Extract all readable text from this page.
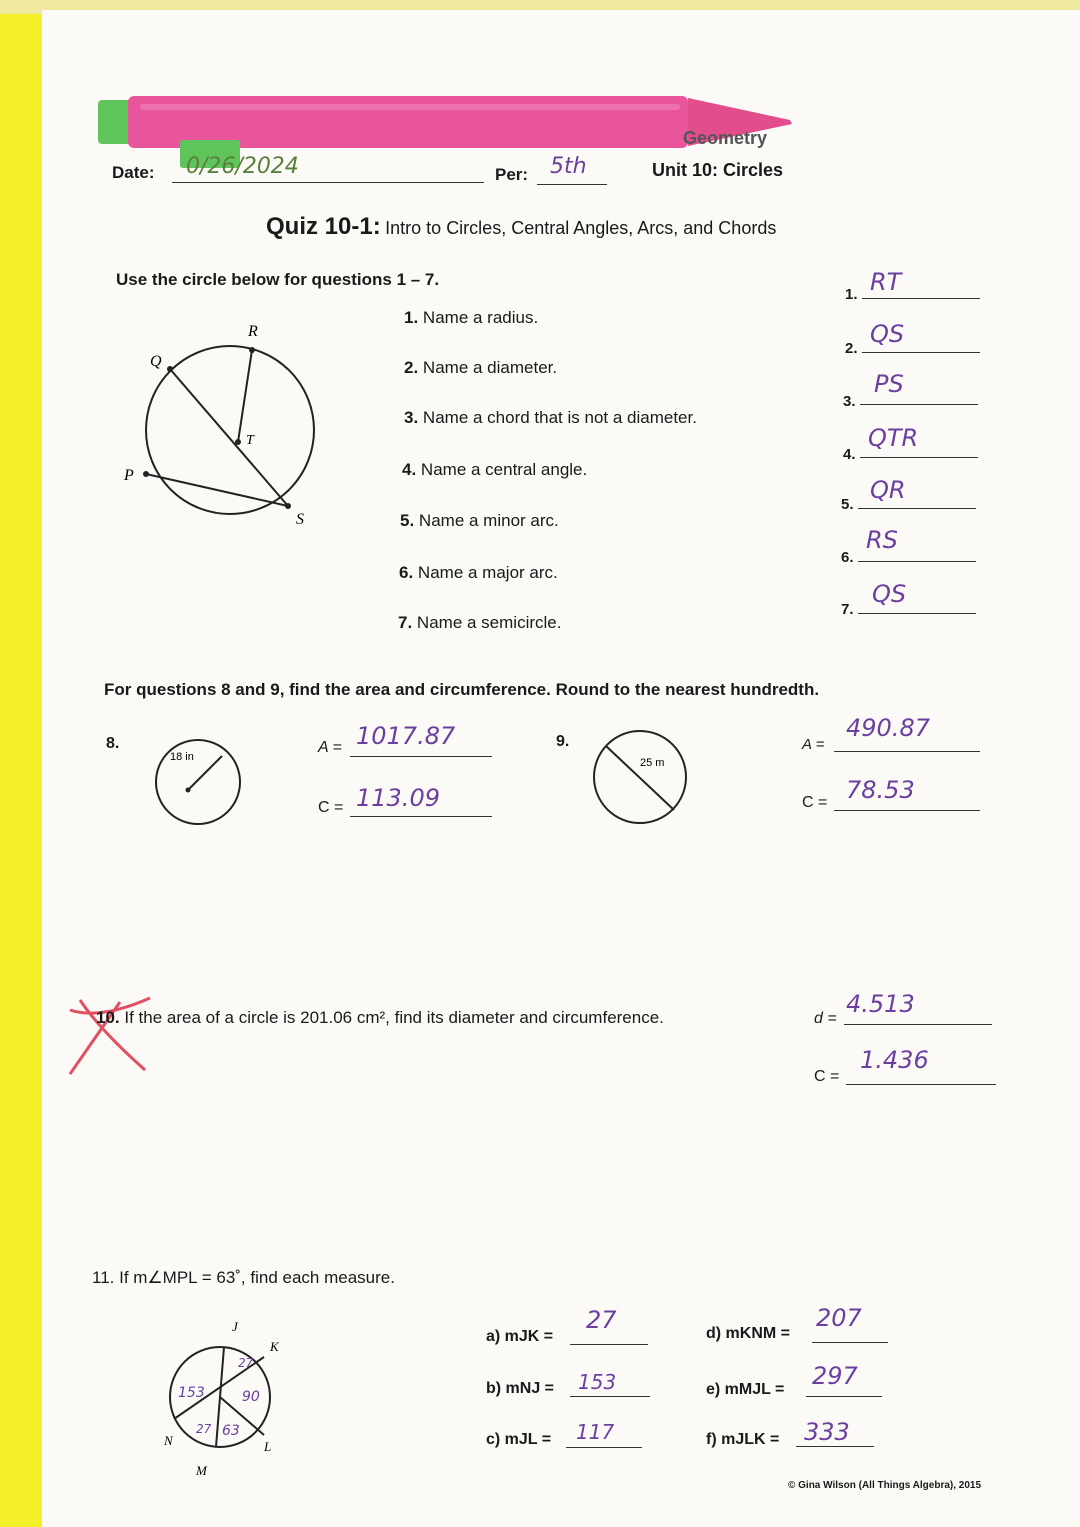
Date: 0/26/2024	Per: 5th
Geometry
Unit 10: Circles
Quiz 10-1: Intro to Circles, Central Angles, Arcs, and Chords
Use the circle below for questions 1 – 7.
R
Q
T
P
S
1. Name a radius.
2. Name a diameter.
3. Name a chord that is not a diameter.
4. Name a central angle.
5. Name a minor arc.
6. Name a major arc.
7. Name a semicircle.
1. RT
2.
QS
3.
PS
4.
QTR
5.
QR
6.
RS
7.
QS
For questions 8 and 9, find the area and circumference. Round to the nearest hundredth.
8.
18 in
A = 1017.87
C = 113.09
9.
25 m
A =
490.87
C = 78.53
10. If the area of a circle is 201.06 cm², find its diameter and circumference.	d =
4.513
C =
1.436
11. If m∠MPL = 63˚, find each measure.
J
K
N	L
M
153
27
90
27 63
a) mJK =
27
b) mNJ = 153
c) mJL = 117
d) mKNM =
207
e) mMJL = 297
f) mJLK = 333
© Gina Wilson (All Things Algebra), 2015
